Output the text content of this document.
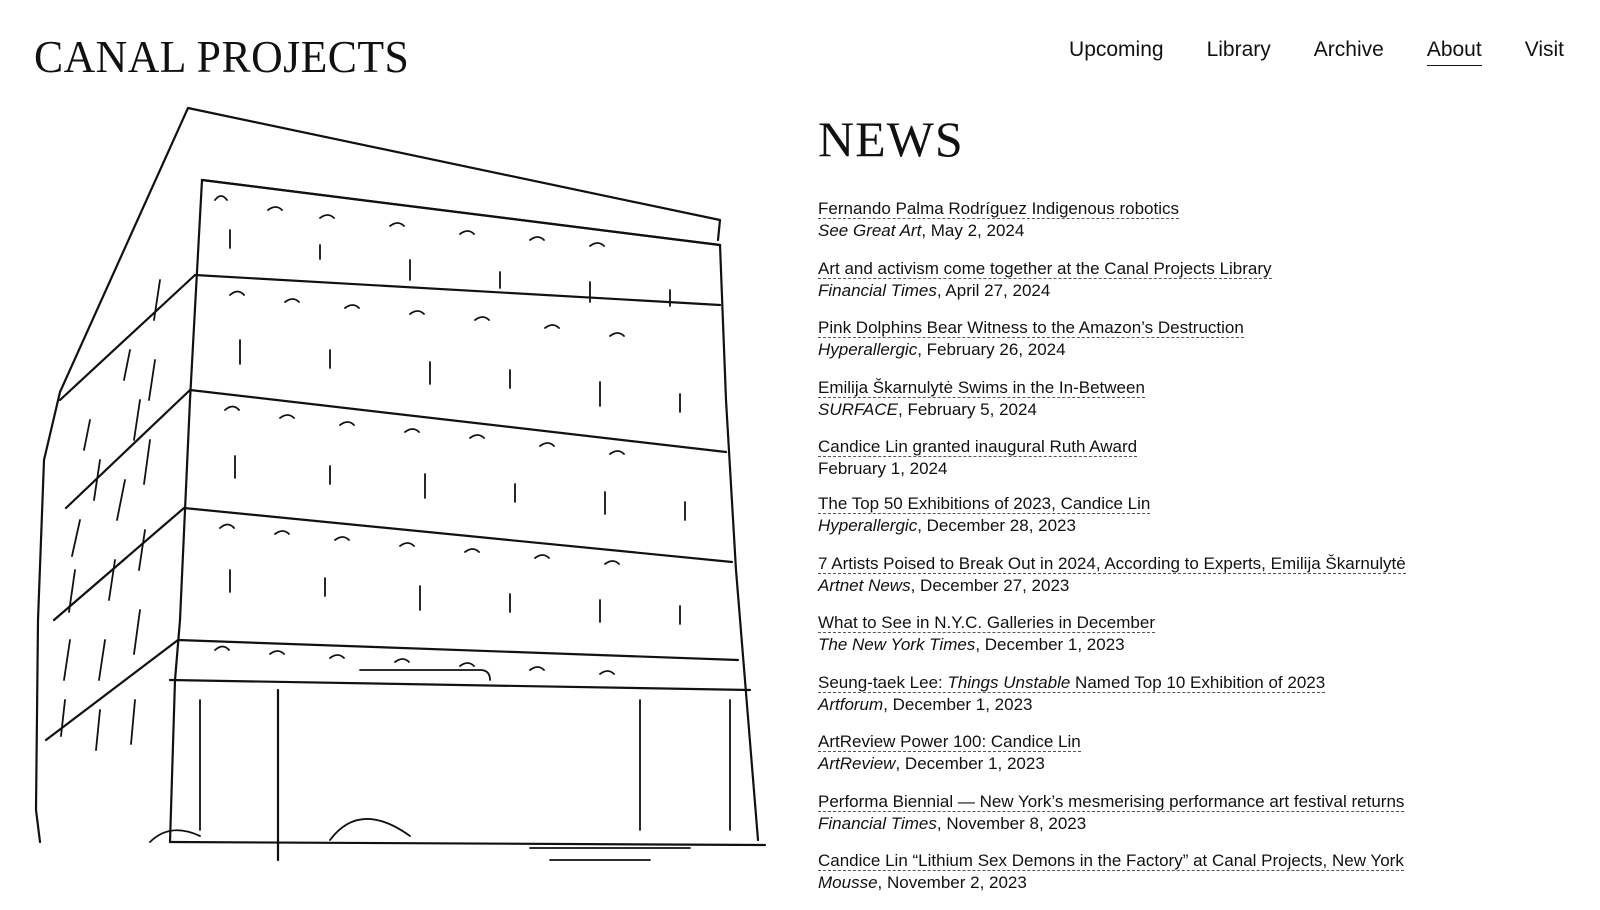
CANAL PROJECTS	Upcoming Library Archive About Visit
NEWS
Fernando Palma Rodríguez Indigenous robotics
See Great Art, May 2, 2024
Art and activism come together at the Canal Projects Library
Financial Times, April 27, 2024
Pink Dolphins Bear Witness to the Amazon’s Destruction
Hyperallergic, February 26, 2024
Emilija Škarnulytė Swims in the In-Between
SURFACE, February 5, 2024
Candice Lin granted inaugural Ruth Award
February 1, 2024
The Top 50 Exhibitions of 2023, Candice Lin
Hyperallergic, December 28, 2023
7 Artists Poised to Break Out in 2024, According to Experts, Emilija Škarnulytė
Artnet News, December 27, 2023
What to See in N.Y.C. Galleries in December
The New York Times, December 1, 2023
Seung-taek Lee: Things Unstable Named Top 10 Exhibition of 2023
Artforum, December 1, 2023
ArtReview Power 100: Candice Lin
ArtReview, December 1, 2023
Performa Biennial — New York’s mesmerising performance art festival returns
Financial Times, November 8, 2023
Candice Lin “Lithium Sex Demons in the Factory” at Canal Projects, New York
Mousse, November 2, 2023
